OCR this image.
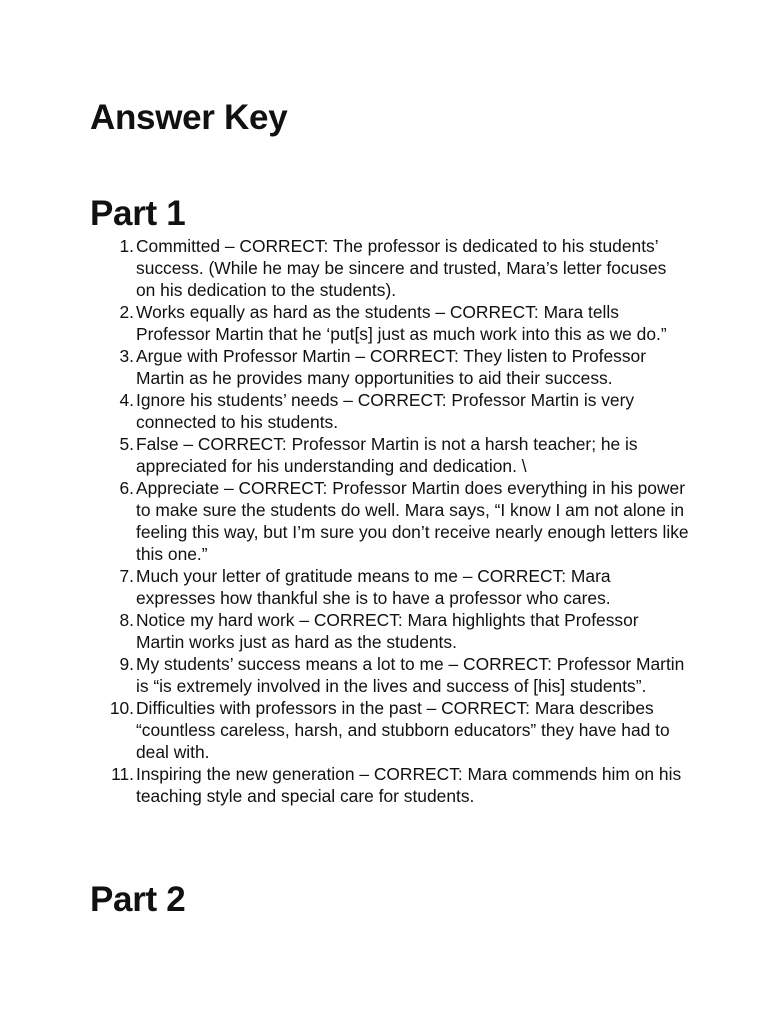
Answer Key
Part 1
1. Committed – CORRECT: The professor is dedicated to his students’ success. (While he may be sincere and trusted, Mara’s letter focuses on his dedication to the students).
2. Works equally as hard as the students – CORRECT: Mara tells Professor Martin that he ‘put[s] just as much work into this as we do.”
3. Argue with Professor Martin – CORRECT: They listen to Professor Martin as he provides many opportunities to aid their success.
4. Ignore his students’ needs – CORRECT: Professor Martin is very connected to his students.
5. False – CORRECT: Professor Martin is not a harsh teacher; he is appreciated for his understanding and dedication. \
6. Appreciate – CORRECT: Professor Martin does everything in his power to make sure the students do well. Mara says, “I know I am not alone in feeling this way, but I’m sure you don’t receive nearly enough letters like this one.”
7. Much your letter of gratitude means to me – CORRECT: Mara expresses how thankful she is to have a professor who cares.
8. Notice my hard work – CORRECT: Mara highlights that Professor Martin works just as hard as the students.
9. My students’ success means a lot to me – CORRECT: Professor Martin is “is extremely involved in the lives and success of [his] students”.
10. Difficulties with professors in the past – CORRECT: Mara describes “countless careless, harsh, and stubborn educators” they have had to deal with.
11. Inspiring the new generation – CORRECT: Mara commends him on his teaching style and special care for students.
Part 2
